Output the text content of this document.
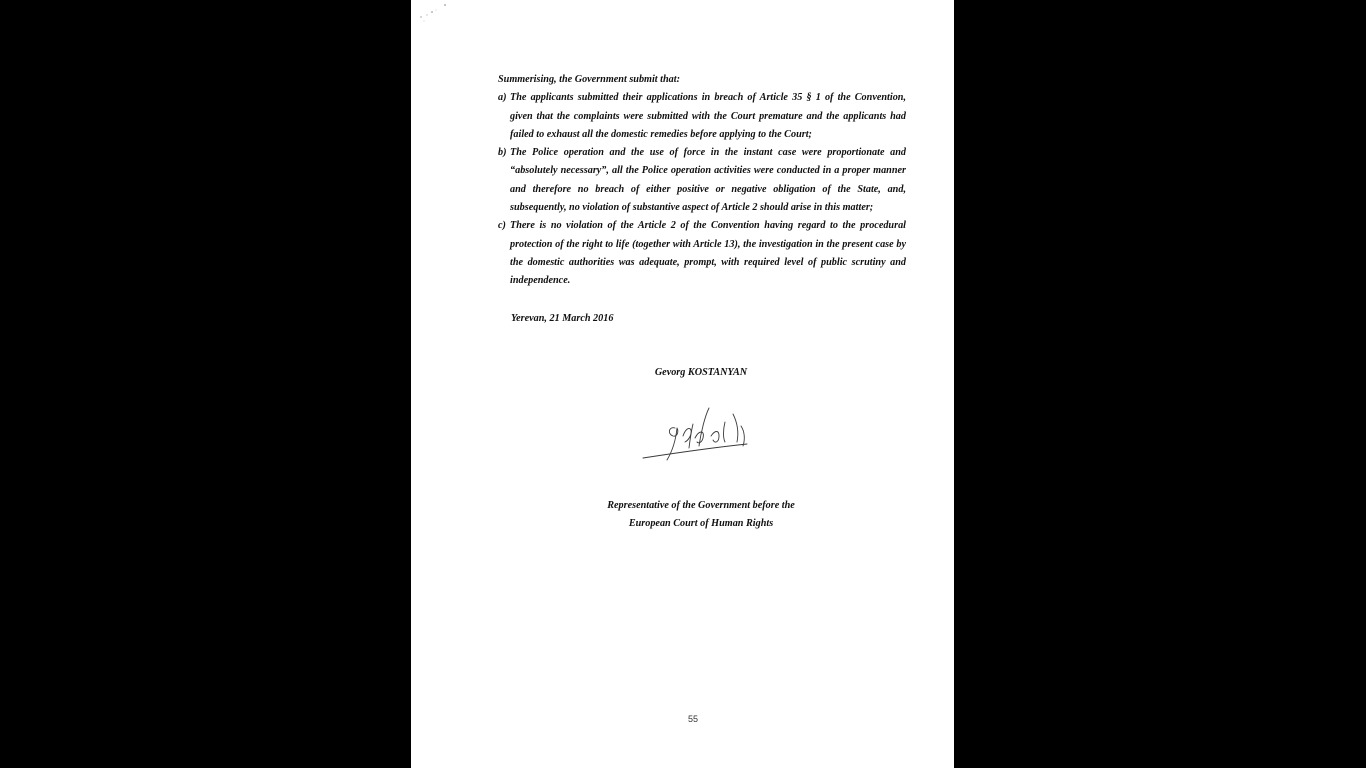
Summerising, the Government submit that:

a) The applicants submitted their applications in breach of Article 35 § 1 of the Convention, given that the complaints were submitted with the Court premature and the applicants had failed to exhaust all the domestic remedies before applying to the Court;

b) The Police operation and the use of force in the instant case were proportionate and “absolutely necessary”, all the Police operation activities were conducted in a proper manner and therefore no breach of either positive or negative obligation of the State, and, subsequently, no violation of substantive aspect of Article 2 should arise in this matter;

c) There is no violation of the Article 2 of the Convention having regard to the procedural protection of the right to life (together with Article 13), the investigation in the present case by the domestic authorities was adequate, prompt, with required level of public scrutiny and independence.

Yerevan, 21 March 2016
Gevorg KOSTANYAN
Representative of the Government before the
European Court of Human Rights
55
